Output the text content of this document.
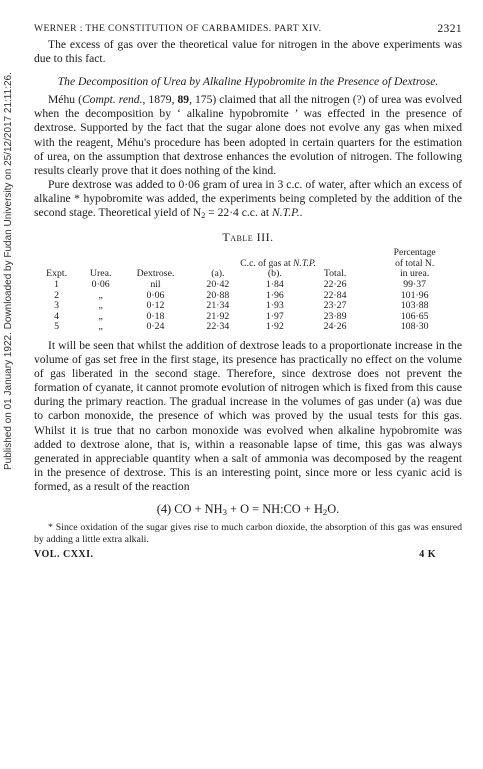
Published on 01 January 1922. Downloaded by Fudan University on 25/12/2017 21:11:26.
WERNER : THE CONSTITUTION OF CARBAMIDES. PART XIV.	2321

The excess of gas over the theoretical value for nitrogen in the above experiments was due to this fact.

The Decomposition of Urea by Alkaline Hypobromite in the Presence of Dextrose.

Méhu (Compt. rend., 1879, 89, 175) claimed that all the nitrogen (?) of urea was evolved when the decomposition by ‘ alkaline hypobromite ’ was effected in the presence of dextrose. Supported by the fact that the sugar alone does not evolve any gas when mixed with the reagent, Méhu's procedure has been adopted in certain quarters for the estimation of urea, on the assumption that dextrose enhances the evolution of nitrogen. The following results clearly prove that it does nothing of the kind.

Pure dextrose was added to 0·06 gram of urea in 3 c.c. of water, after which an excess of alkaline * hypobromite was added, the experiments being completed by the addition of the second stage. Theoretical yield of $N_2 = 22\cdot 4$ c.c. at N.T.P..

Table III.
			C.c. of gas at N.T.P.			Percentage
of total N.

Expt.	Urea.	Dextrose.	(a).	(b).	Total.	in urea.
1	0·06	nil	20·42	1·84	22·26	99·37
2	„	0·06	20·88	1·96	22·84	101·96
3	„	0·12	21·34	1·93	23·27	103·88
4	„	0·18	21·92	1·97	23·89	106·65
5	„	0·24	22·34	1·92	24·26	108·30

It will be seen that whilst the addition of dextrose leads to a proportionate increase in the volume of gas set free in the first stage, its presence has practically no effect on the volume of gas liberated in the second stage. Therefore, since dextrose does not prevent the formation of cyanate, it cannot promote evolution of nitrogen which is fixed from this cause during the primary reaction. The gradual increase in the volumes of gas under (a) was due to carbon monoxide, the presence of which was proved by the usual tests for this gas. Whilst it is true that no carbon monoxide was evolved when alkaline hypobromite was added to dextrose alone, that is, within a reasonable lapse of time, this gas was always generated in appreciable quantity when a salt of ammonia was decomposed by the reagent in the presence of dextrose. This is an interesting point, since more or less cyanic acid is formed, as a result of the reaction

(4) CO + $NH_3 + O$ = NH:CO + $H_2O$.

* Since oxidation of the sugar gives rise to much carbon dioxide, the absorption of this gas was ensured by adding a little extra alkali.

VOL. CXXI.	4 K
